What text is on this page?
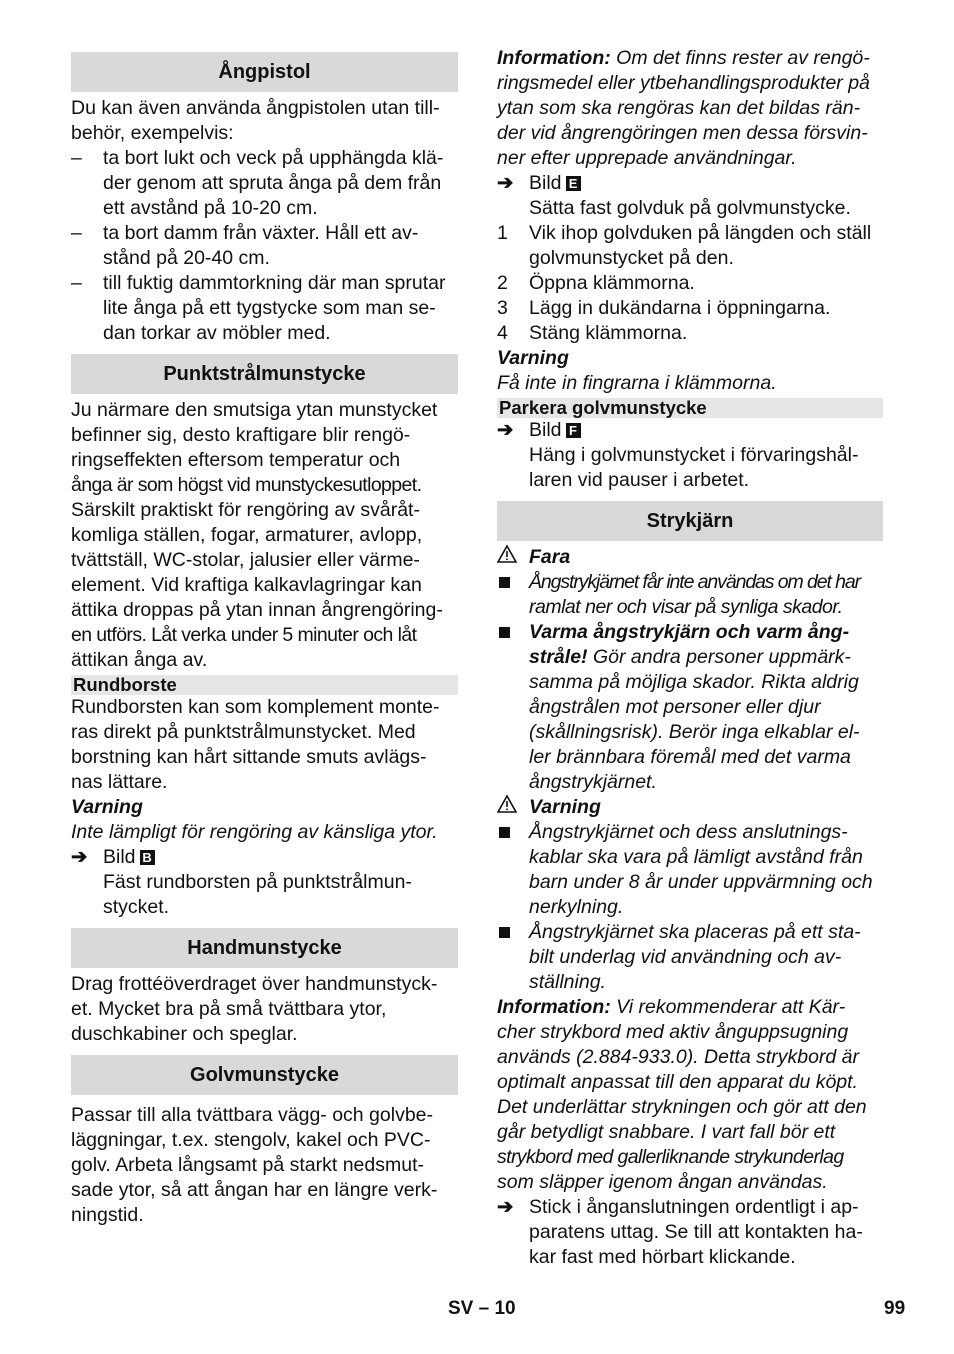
Ångpistol
Du kan även använda ångpistolen utan till-
behör, exempelvis:
–	ta bort lukt och veck på upphängda klä-
der genom att spruta ånga på dem från
ett avstånd på 10-20 cm.
–	ta bort damm från växter. Håll ett av-
stånd på 20-40 cm.
–	till fuktig dammtorkning där man sprutar
lite ånga på ett tygstycke som man se-
dan torkar av möbler med.
Punktstrålmunstycke
Ju närmare den smutsiga ytan munstycket
befinner sig, desto kraftigare blir rengö-
ringseffekten eftersom temperatur och
ånga är som högst vid munstyckesutloppet.
Särskilt praktiskt för rengöring av svåråt-
komliga ställen, fogar, armaturer, avlopp,
tvättställ, WC-stolar, jalusier eller värme-
element. Vid kraftiga kalkavlagringar kan
ättika droppas på ytan innan ångrengöring-
en utförs. Låt verka under 5 minuter och låt
ättikan ånga av.
Rundborste
Rundborsten kan som komplement monte-
ras direkt på punktstrålmunstycket. Med
borstning kan hårt sittande smuts avlägs-
nas lättare.
Varning
Inte lämpligt för rengöring av känsliga ytor.
➔ Bild B
Fäst rundborsten på punktstrålmun-
stycket.
Handmunstycke
Drag frottéöverdraget över handmunstyck-
et. Mycket bra på små tvättbara ytor,
duschkabiner och speglar.
Golvmunstycke
Passar till alla tvättbara vägg- och golvbe-
läggningar, t.ex. stengolv, kakel och PVC-
golv. Arbeta långsamt på starkt nedsmut-
sade ytor, så att ångan har en längre verk-
ningstid.
Information: Om det finns rester av rengö-
ringsmedel eller ytbehandlingsprodukter på
ytan som ska rengöras kan det bildas rän-
der vid ångrengöringen men dessa försvin-
ner efter upprepade användningar.
➔ Bild E
Sätta fast golvduk på golvmunstycke.
1	Vik ihop golvduken på längden och ställ
golvmunstycket på den.
2	Öppna klämmorna.
3	Lägg in dukändarna i öppningarna.
4	Stäng klämmorna.
Varning
Få inte in fingrarna i klämmorna.
Parkera golvmunstycke
➔ Bild F
Häng i golvmunstycket i förvaringshål-
laren vid pauser i arbetet.
Strykjärn
Fara
Ångstrykjärnet får inte användas om det har
ramlat ner och visar på synliga skador.
Varma ångstrykjärn och varm ång-
stråle! Gör andra personer uppmärk-
samma på möjliga skador. Rikta aldrig
ångstrålen mot personer eller djur
(skållningsrisk). Berör inga elkablar el-
ler brännbara föremål med det varma
ångstrykjärnet.
Varning
Ångstrykjärnet och dess anslutnings-
kablar ska vara på lämligt avstånd från
barn under 8 år under uppvärmning och
nerkylning.
Ångstrykjärnet ska placeras på ett sta-
bilt underlag vid användning och av-
ställning.
Information: Vi rekommenderar att Kär-
cher strykbord med aktiv ånguppsugning
används (2.884-933.0). Detta strykbord är
optimalt anpassat till den apparat du köpt.
Det underlättar strykningen och gör att den
går betydligt snabbare. I vart fall bör ett
strykbord med gallerliknande strykunderlag
som släpper igenom ångan användas.
➔ Stick i ånganslutningen ordentligt i ap-
paratens uttag. Se till att kontakten ha-
kar fast med hörbart klickande.
SV – 10	99
